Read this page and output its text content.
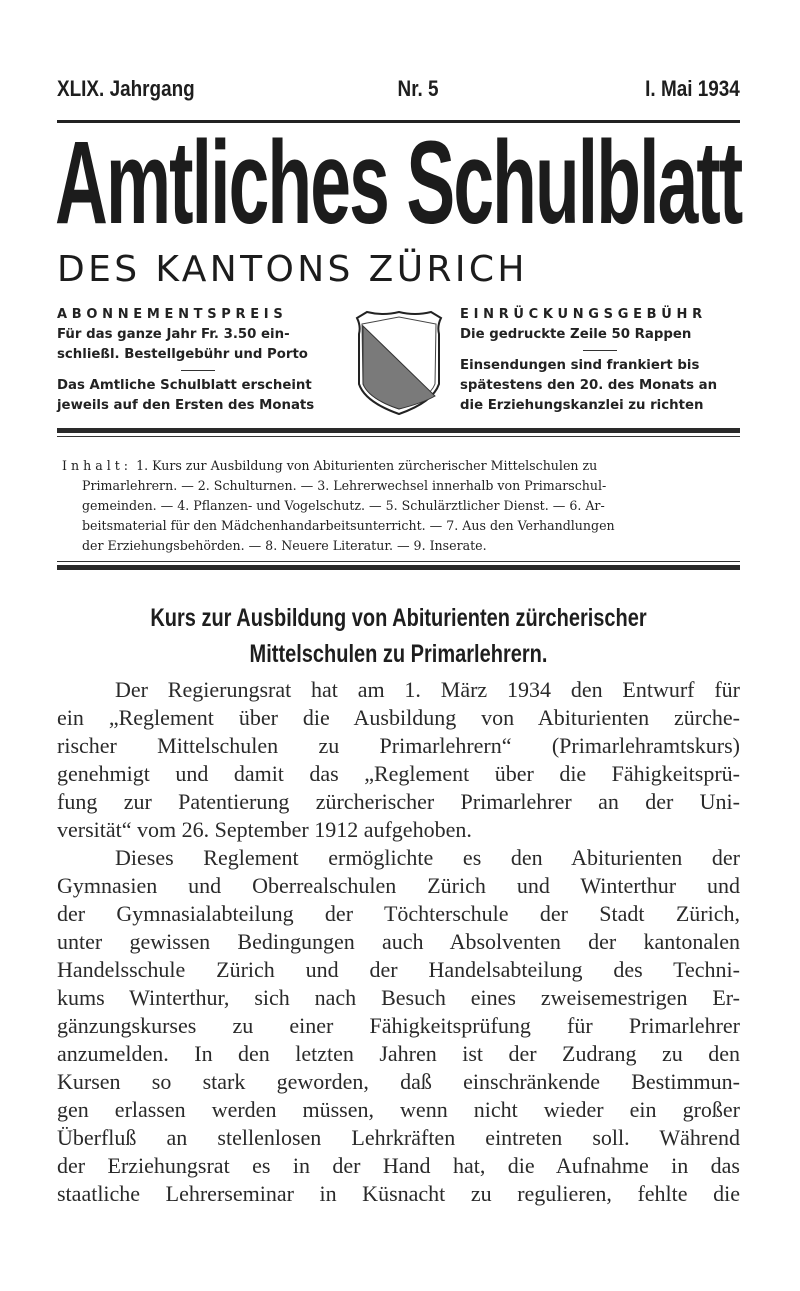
XLIX. Jahrgang	Nr. 5	I. Mai 1934
Amtliches Schulblatt
DES KANTONS ZÜRICH
ABONNEMENTSPREIS
Für das ganze Jahr Fr. 3.50 ein-
schließl. Bestellgebühr und Porto
Das Amtliche Schulblatt erscheint
jeweils auf den Ersten des Monats
EINRÜCKUNGSGEBÜHR
Die gedruckte Zeile 50 Rappen
Einsendungen sind frankiert bis
spätestens den 20. des Monats an
die Erziehungskanzlei zu richten
Inhalt: 1. Kurs zur Ausbildung von Abiturienten zürcherischer Mittelschulen zu
Primarlehrern. — 2. Schulturnen. — 3. Lehrerwechsel innerhalb von Primarschul-
gemeinden. — 4. Pflanzen- und Vogelschutz. — 5. Schulärztlicher Dienst. — 6. Ar-
beitsmaterial für den Mädchenhandarbeitsunterricht. — 7. Aus den Verhandlungen
der Erziehungsbehörden. — 8. Neuere Literatur. — 9. Inserate.
Kurs zur Ausbildung von Abiturienten zürcherischer
Mittelschulen zu Primarlehrern.
Der Regierungsrat hat am 1. März 1934 den Entwurf für
ein „Reglement über die Ausbildung von Abiturienten zürche-
rischer Mittelschulen zu Primarlehrern“ (Primarlehramtskurs)
genehmigt und damit das „Reglement über die Fähigkeitsprü-
fung zur Patentierung zürcherischer Primarlehrer an der Uni-
versität“ vom 26. September 1912 aufgehoben.
Dieses Reglement ermöglichte es den Abiturienten der
Gymnasien und Oberrealschulen Zürich und Winterthur und
der Gymnasialabteilung der Töchterschule der Stadt Zürich,
unter gewissen Bedingungen auch Absolventen der kantonalen
Handelsschule Zürich und der Handelsabteilung des Techni-
kums Winterthur, sich nach Besuch eines zweisemestrigen Er-
gänzungskurses zu einer Fähigkeitsprüfung für Primarlehrer
anzumelden. In den letzten Jahren ist der Zudrang zu den
Kursen so stark geworden, daß einschränkende Bestimmun-
gen erlassen werden müssen, wenn nicht wieder ein großer
Überfluß an stellenlosen Lehrkräften eintreten soll. Während
der Erziehungsrat es in der Hand hat, die Aufnahme in das
staatliche Lehrerseminar in Küsnacht zu regulieren, fehlte die
